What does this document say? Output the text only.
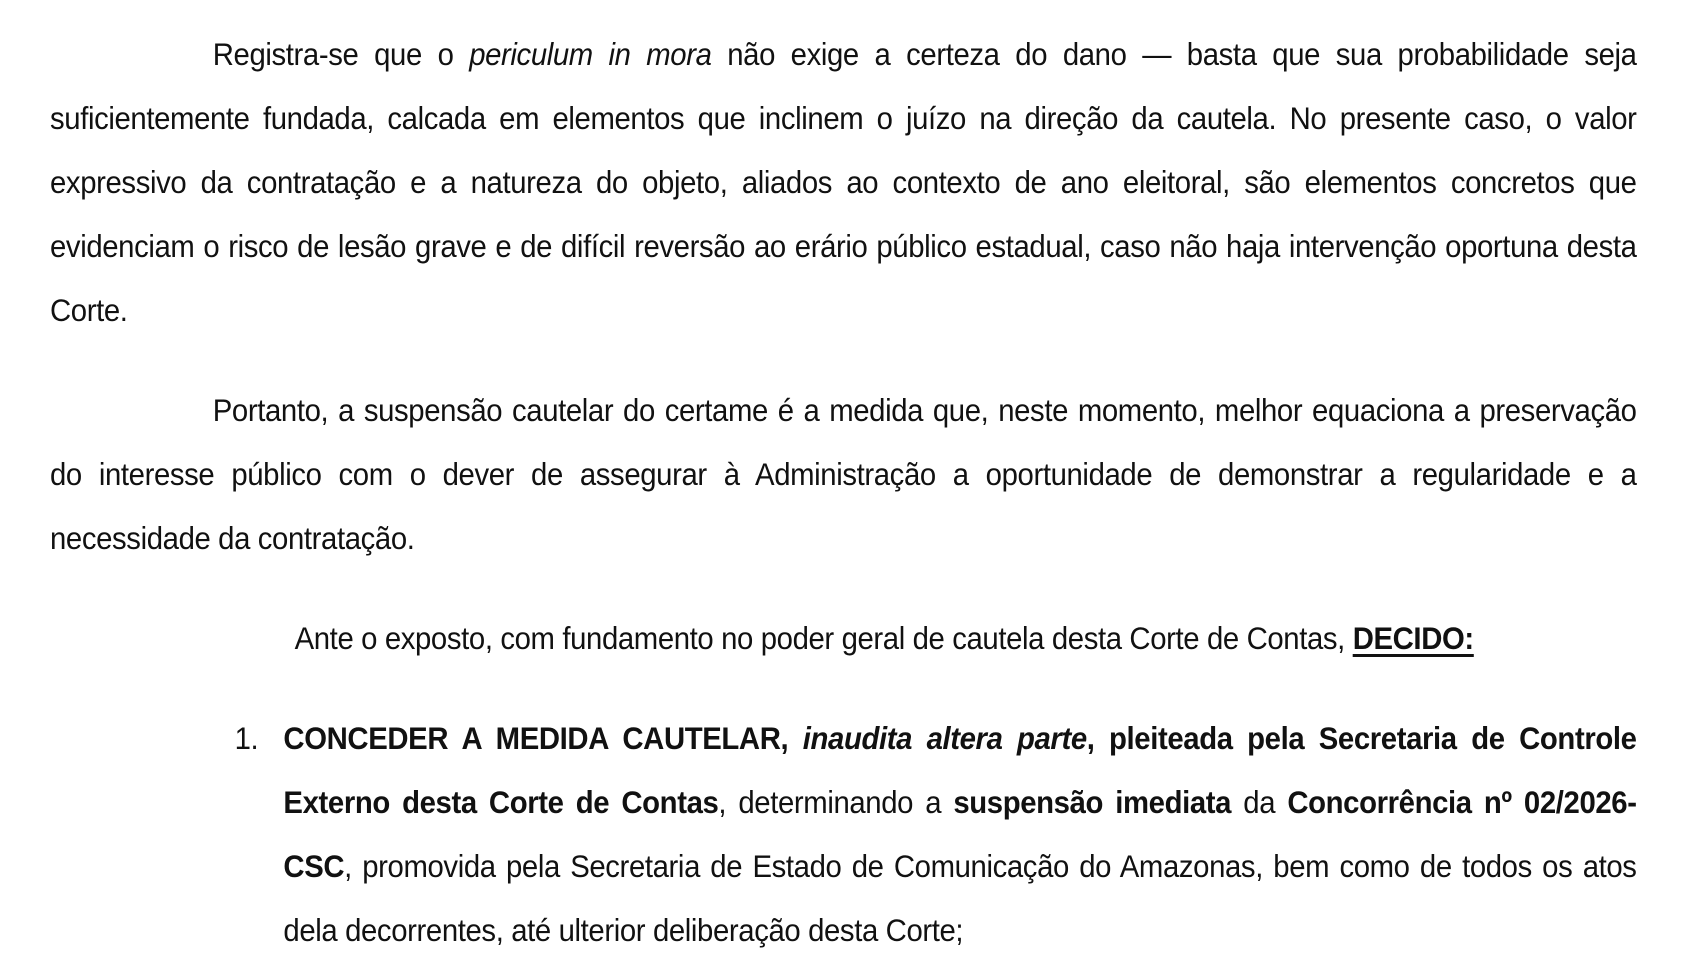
Registra-se que o periculum in mora não exige a certeza do dano — basta que sua probabilidade seja suficientemente fundada, calcada em elementos que inclinem o juízo na direção da cautela. No presente caso, o valor expressivo da contratação e a natureza do objeto, aliados ao contexto de ano eleitoral, são elementos concretos que evidenciam o risco de lesão grave e de difícil reversão ao erário público estadual, caso não haja intervenção oportuna desta Corte.

Portanto, a suspensão cautelar do certame é a medida que, neste momento, melhor equaciona a preservação do interesse público com o dever de assegurar à Administração a oportunidade de demonstrar a regularidade e a necessidade da contratação.

Ante o exposto, com fundamento no poder geral de cautela desta Corte de Contas, DECIDO:

1. CONCEDER A MEDIDA CAUTELAR, inaudita altera parte, pleiteada pela Secretaria de Controle Externo desta Corte de Contas, determinando a suspensão imediata da Concorrência nº 02/2026-CSC, promovida pela Secretaria de Estado de Comunicação do Amazonas, bem como de todos os atos dela decorrentes, até ulterior deliberação desta Corte;
